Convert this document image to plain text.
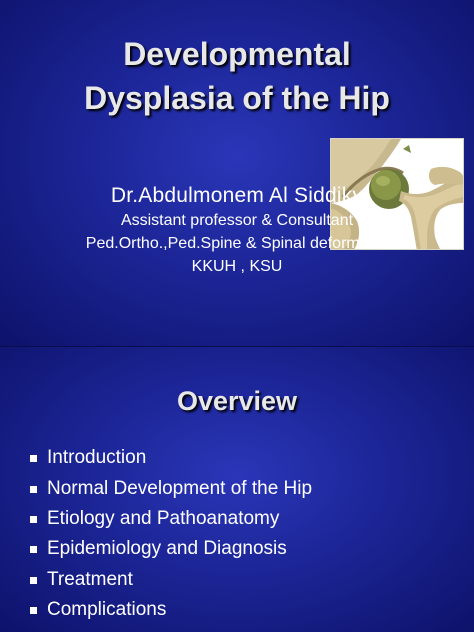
Developmental
Dysplasia of the Hip
Dr.Abdulmonem Al Siddiky
Assistant professor & Consultant
Ped.Ortho.,Ped.Spine & Spinal deformities
KKUH , KSU
Overview
Introduction
Normal Development of the Hip
Etiology and Pathoanatomy
Epidemiology and Diagnosis
Treatment
Complications
